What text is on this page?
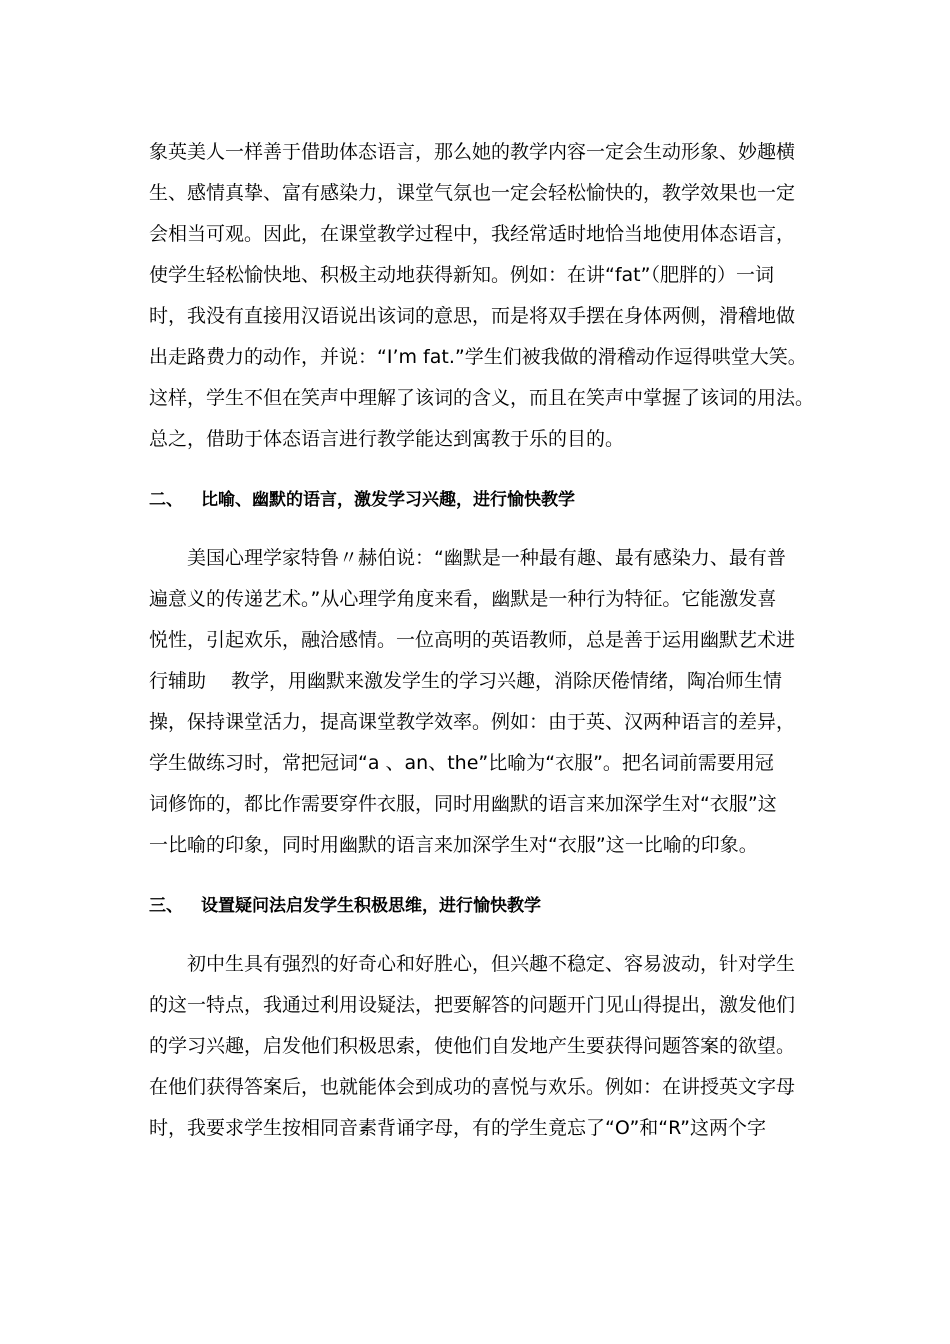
象英美人一样善于借助体态语言，那么她的教学内容一定会生动形象、妙趣横
生、感情真挚、富有感染力，课堂气氛也一定会轻松愉快的，教学效果也一定
会相当可观。因此，在课堂教学过程中，我经常适时地恰当地使用体态语言，
使学生轻松愉快地、积极主动地获得新知。例如：在讲“fat”（肥胖的）一词
时，我没有直接用汉语说出该词的意思，而是将双手摆在身体两侧，滑稽地做
出走路费力的动作，并说：“I’m fat.”学生们被我做的滑稽动作逗得哄堂大笑。
这样，学生不但在笑声中理解了该词的含义，而且在笑声中掌握了该词的用法。
总之，借助于体态语言进行教学能达到寓教于乐的目的。
二、 比喻、幽默的语言，激发学习兴趣，进行愉快教学
美国心理学家特鲁〃赫伯说：“幽默是一种最有趣、最有感染力、最有普
遍意义的传递艺术。”从心理学角度来看，幽默是一种行为特征。它能激发喜
悦性，引起欢乐，融洽感情。一位高明的英语教师，总是善于运用幽默艺术进
行辅助　 教学，用幽默来激发学生的学习兴趣，消除厌倦情绪，陶冶师生情
操，保持课堂活力，提高课堂教学效率。例如：由于英、汉两种语言的差异，
学生做练习时，常把冠词“a 、an、the”比喻为“衣服”。把名词前需要用冠
词修饰的，都比作需要穿件衣服，同时用幽默的语言来加深学生对“衣服”这
一比喻的印象，同时用幽默的语言来加深学生对“衣服”这一比喻的印象。
三、 设置疑问法启发学生积极思维，进行愉快教学
初中生具有强烈的好奇心和好胜心，但兴趣不稳定、容易波动，针对学生
的这一特点，我通过利用设疑法，把要解答的问题开门见山得提出，激发他们
的学习兴趣，启发他们积极思索，使他们自发地产生要获得问题答案的欲望。
在他们获得答案后，也就能体会到成功的喜悦与欢乐。例如：在讲授英文字母
时，我要求学生按相同音素背诵字母，有的学生竟忘了“O”和“R”这两个字
